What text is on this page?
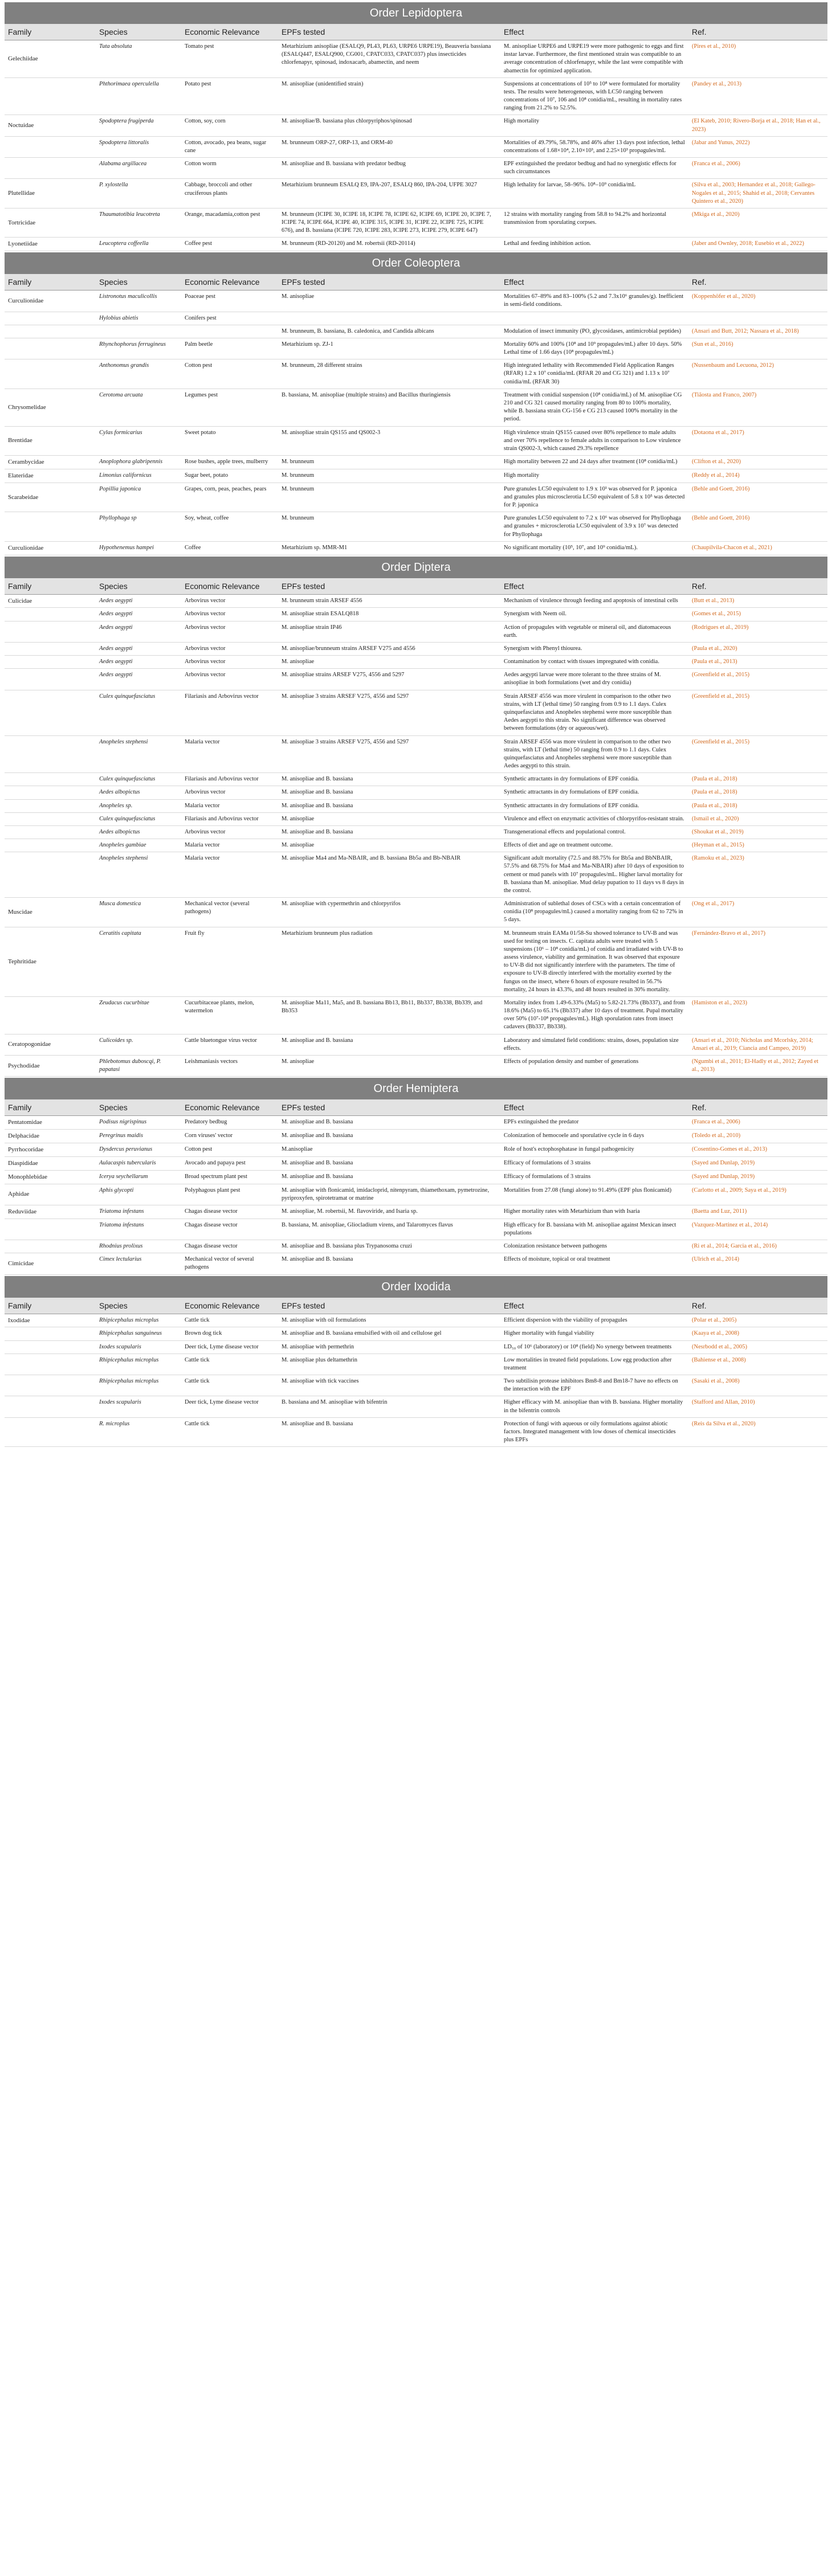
Order Lepidoptera
Family	Species	Economic Relevance	EPFs tested	Effect	Ref.
Gelechiidae	Tuta absoluta	Tomato pest	Metarhizium anisopliae (ESALQ9, PL43, PL63, URPE6 URPE19), Beauveria bassiana (ESALQ447, ESALQ900, CG001, CPATC033, CPATC037) plus insecticides chlorfenapyr, spinosad, indoxacarb, abamectin, and neem	M. anisopliae URPE6 and URPE19 were more pathogenic to eggs and first instar larvae. Furthermore, the first mentioned strain was compatible to an average concentration of chlorfenapyr, while the last were compatible with abamectin for optimized application.	(Pires et al., 2010)
	Phthorimaea operculella	Potato pest	M. anisopliae (unidentified strain)	Suspensions at concentrations of 10⁵ to 10⁸ were formulated for mortality tests. The results were heterogeneous, with LC50 ranging between concentrations of 10⁷, 106 and 10⁸ conidia/mL, resulting in mortality rates ranging from 21.2% to 52.5%.	(Pandey et al., 2013)
Noctuidae	Spodoptera frugiperda	Cotton, soy, corn	M. anisopliae/B. bassiana plus chlorpyriphos/spinosad	High mortality	(El Kateb, 2010; Rivero-Borja et al., 2018; Han et al., 2023)
	Spodoptera littoralis	Cotton, avocado, pea beans, sugar cane	M. brunneum ORP-27, ORP-13, and ORM-40	Mortalities of 49.79%, 58.78%, and 46% after 13 days post infection, lethal concentrations of 1.68×10⁴, 2.10×10³, and 2.25×10³ propagules/mL	(Jabar and Yunus, 2022)
	Alabama argillacea	Cotton worm	M. anisopliae and B. bassiana with predator bedbug	EPF extinguished the predator bedbug and had no synergistic effects for such circumstances	(Franca et al., 2006)
Plutellidae	P. xylostella	Cabbage, broccoli and other cruciferous plants	Metarhizium brunneum ESALQ E9, IPA-207, ESALQ 860, IPA-204, UFPE 3027	High lethality for larvae, 58–96%. 10⁸–10⁹ conidia/mL	(Silva et al., 2003; Hernandez et al., 2018; Gallego-Nogales et al., 2015; Shahid et al., 2018; Cervantes Quintero et al., 2020)
Tortricidae	Thaumatotibia leucotreta	Orange, macadamia,cotton pest	M. brunneum (ICIPE 30, ICIPE 18, ICIPE 78, ICIPE 62, ICIPE 69, ICIPE 20, ICIPE 7, ICIPE 74, ICIPE 664, ICIPE 40, ICIPE 315, ICIPE 31, ICIPE 22, ICIPE 725, ICIPE 676), and B. bassiana (ICIPE 720, ICIPE 283, ICIPE 273, ICIPE 279, ICIPE 647)	12 strains with mortality ranging from 58.8 to 94.2% and horizontal transmission from sporulating corpses.	(Mkiga et al., 2020)
Lyonetiidae	Leucoptera coffeella	Coffee pest	M. brunneum (RD-20120) and M. robertsii (RD-20114)	Lethal and feeding inhibition action.	(Jaber and Ownley, 2018; Eusebio et al., 2022)
Order Coleoptera
Family	Species	Economic Relevance	EPFs tested	Effect	Ref.
Curculionidae	Listronotus maculicollis	Poaceae pest	M. anisopliae	Mortalities 67–89% and 83–100% (5.2 and 7.3x10⁶ granules/g). Inefficient in semi-field conditions.	(Koppenhöfer et al., 2020)
	Hylobius abietis	Conifers pest			
			M. brunneum, B. bassiana, B. caledonica, and Candida albicans	Modulation of insect immunity (PO, glycosidases, antimicrobial peptides)	(Ansari and Butt, 2012; Nassara et al., 2018)
	Rhynchophorus ferrugineus	Palm beetle	Metarhizium sp. ZJ-1	Mortality 60% and 100% (10⁸ and 10⁹ propagules/mL) after 10 days. 50% Lethal time of 1.66 days (10⁸ propagules/mL)	(Sun et al., 2016)
	Anthonomus grandis	Cotton pest	M. brunneum, 28 different strains	High integrated lethality with Recommended Field Application Ranges (RFAR) 1.2 x 10⁷ conidia/mL (RFAR 20 and CG 321) and 1.13 x 10⁷ conidia/mL (RFAR 30)	(Nussenbaum and Lecuona, 2012)
Chrysomelidae	Cerotoma arcuata	Legumes pest	B. bassiana, M. anisopliae (multiple strains) and Bacillus thuringiensis	Treatment with conidial suspension (10⁸ conidia/mL) of M. anisopliae CG 210 and CG 321 caused mortality ranging from 80 to 100% mortality, while B. bassiana strain CG-156 e CG 213 caused 100% mortality in the period.	(Tiãosta and Franco, 2007)
Brentidae	Cylas formicarius	Sweet potato	M. anisopliae strain QS155 and QS002-3	High virulence strain QS155 caused over 80% repellence to male adults and over 70% repellence to female adults in comparison to Low virulence strain QS002-3, which caused 29.3% repellence	(Dotaona et al., 2017)
Cerambycidae	Anoplophora glabripennis	Rose bushes, apple trees, mulberry	M. brunneum	High mortality between 22 and 24 days after treatment (10⁸ conidia/mL)	(Clifton et al., 2020)
Elateridae	Limonius californicus	Sugar beet, potato	M. brunneum	High mortality	(Reddy et al., 2014)
Scarabeidae	Popillia japonica	Grapes, corn, peas, peaches, pears	M. brunneum	Pure granules LC50 equivalent to 1.9 x 10¹ was observed for P. japonica and granules plus microsclerotia LC50 equivalent of 5.8 x 10⁵ was detected for P. japonica	(Behle and Goett, 2016)
	Phyllophaga sp	Soy, wheat, coffee	M. brunneum	Pure granules LC50 equivalent to 7.2 x 10⁶ was observed for Phyllophaga and granules + microsclerotia LC50 equivalent of 3.9 x 10⁷ was detected for Phyllophaga	(Behle and Goett, 2016)
Curculionidae	Hypothenemus hampei	Coffee	Metarhizium sp. MMR-M1	No significant mortality (10⁵, 10⁷, and 10⁹ conidia/mL).	(Chaupilvila-Chacon et al., 2021)
Order Diptera
Family	Species	Economic Relevance	EPFs tested	Effect	Ref.
Culicidae	Aedes aegypti	Arbovirus vector	M. brunneum strain ARSEF 4556	Mechanism of virulence through feeding and apoptosis of intestinal cells	(Butt et al., 2013)
	Aedes aegypti	Arbovirus vector	M. anisopliae strain ESALQ818	Synergism with Neem oil.	(Gomes et al., 2015)
	Aedes aegypti	Arbovirus vector	M. anisopliae strain IP46	Action of propagules with vegetable or mineral oil, and diatomaceous earth.	(Rodrigues et al., 2019)
	Aedes aegypti	Arbovirus vector	M. anisopliae/brunneum strains ARSEF V275 and 4556	Synergism with Phenyl thiourea.	(Paula et al., 2020)
	Aedes aegypti	Arbovirus vector	M. anisopliae	Contamination by contact with tissues impregnated with conidia.	(Paula et al., 2013)
	Aedes aegypti	Arbovirus vector	M. anisopliae strains ARSEF V275, 4556 and 5297	Aedes aegypti larvae were more tolerant to the three strains of M. anisopliae in both formulations (wet and dry conidia)	(Greenfield et al., 2015)
	Culex quinquefasciatus	Filariasis and Arbovirus vector	M. anisopliae 3 strains ARSEF V275, 4556 and 5297	Strain ARSEF 4556 was more virulent in comparison to the other two strains, with LT (lethal time) 50 ranging from 0.9 to 1.1 days. Culex quinquefasciatus and Anopheles stephensi were more susceptible than Aedes aegypti to this strain. No significant difference was observed between formulations (dry or aqueous/wet).	(Greenfield et al., 2015)
	Anopheles stephensi	Malaria vector	M. anisopliae 3 strains ARSEF V275, 4556 and 5297	Strain ARSEF 4556 was more virulent in comparison to the other two strains, with LT (lethal time) 50 ranging from 0.9 to 1.1 days. Culex quinquefasciatus and Anopheles stephensi were more susceptible than Aedes aegypti to this strain.	(Greenfield et al., 2015)
	Culex quinquefasciatus	Filariasis and Arbovirus vector	M. anisopliae and B. bassiana	Synthetic attractants in dry formulations of EPF conidia.	(Paula et al., 2018)
	Aedes albopictus	Arbovirus vector	M. anisopliae and B. bassiana	Synthetic attractants in dry formulations of EPF conidia.	(Paula et al., 2018)
	Anopheles sp.	Malaria vector	M. anisopliae and B. bassiana	Synthetic attractants in dry formulations of EPF conidia.	(Paula et al., 2018)
	Culex quinquefasciatus	Filariasis and Arbovirus vector	M. anisopliae	Virulence and effect on enzymatic activities of chlorpyrifos-resistant strain.	(Ismail et al., 2020)
	Aedes albopictus	Arbovirus vector	M. anisopliae and B. bassiana	Transgenerational effects and populational control.	(Shoukat et al., 2019)
	Anopheles gambiae	Malaria vector	M. anisopliae	Effects of diet and age on treatment outcome.	(Heyman et al., 2015)
	Anopheles stephensi	Malaria vector	M. anisopliae Ma4 and Ma-NBAIR, and B. bassiana Bb5a and Bb-NBAIR	Significant adult mortality (72.5 and 88.75% for Bb5a and BbNBAIR, 57.5% and 68.75% for Ma4 and Ma-NBAIR) after 10 days of exposition to cement or mud panels with 10⁷ propagules/mL. Higher larval mortality for B. bassiana than M. anisopliae. Mud delay pupation to 11 days vs 8 days in the control.	(Ramoku et al., 2023)
Muscidae	Musca domestica	Mechanical vector (several pathogens)	M. anisopliae with cypermethrin and chlorpyrifos	Administration of sublethal doses of CSCs with a certain concentration of conidia (10⁸ propagules/mL) caused a mortality ranging from 62 to 72% in 5 days.	(Ong et al., 2017)
Tephritidae	Ceratitis capitata	Fruit fly	Metarhizium brunneum plus radiation	M. brunneum strain EAMa 01/58-Su showed tolerance to UV-B and was used for testing on insects. C. capitata adults were treated with 5 suspensions (10⁶ – 10⁸ conidia/mL) of conidia and irradiated with UV-B to assess virulence, viability and germination. It was observed that exposure to UV-B did not significantly interfere with the parameters. The time of exposure to UV-B directly interfered with the mortality exerted by the fungus on the insect, where 6 hours of exposure resulted in 56.7% mortality, 24 hours in 43.3%, and 48 hours resulted in 30% mortality.	(Fernández-Bravo et al., 2017)
	Zeudacus cucurbitae	Cucurbitaceae plants, melon, watermelon	M. anisopliae Ma11, Ma5, and B. bassiana Bb13, Bb11, Bb337, Bb338, Bb339, and Bb353	Mortality index from 1.49-6.33% (Ma5) to 5.82-21.73% (Bb337), and from 18.6% (Ma5) to 65.1% (Bb337) after 10 days of treatment. Pupal mortality over 50% (10⁷-10⁸ propagules/mL). High sporulation rates from insect cadavers (Bb337, Bb338).	(Hamiston et al., 2023)
Ceratopogonidae	Culicoides sp.	Cattle bluetongue virus vector	M. anisopliae and B. bassiana	Laboratory and simulated field conditions: strains, doses, population size effects.	(Ansari et al., 2010; Nicholas and Mcorlsky, 2014; Ansari et al., 2019; Ciancia and Campeo, 2019)
Psychodidae	Phlebotomus duboscqi, P. papatasi	Leishmaniasis vectors	M. anisopliae	Effects of population density and number of generations	(Ngumbi et al., 2011; El-Hadly et al., 2012; Zayed et al., 2013)
Order Hemiptera
Family	Species	Economic Relevance	EPFs tested	Effect	Ref.
Pentatomidae	Podisus nigrispinus	Predatory bedbug	M. anisopliae and B. bassiana	EPFs extinguished the predator	(Franca et al., 2006)
Delphacidae	Peregrinus maidis	Corn viruses' vector	M. anisopliae and B. bassiana	Colonization of hemocoele and sporulative cycle in 6 days	(Toledo et al., 2010)
Pyrrhocoridae	Dysdercus peruvianus	Cotton pest	M.anisopliae	Role of host's ectophosphatase in fungal pathogenicity	(Cosentino-Gomes et al., 2013)
Diaspididae	Aulacaspis tubercularis	Avocado and papaya pest	M. anisopliae and B. bassiana	Efficacy of formulations of 3 strains	(Sayed and Dunlap, 2019)
Monophlebidae	Icerya seychellarum	Broad spectrum plant pest	M. anisopliae and B. bassiana	Efficacy of formulations of 3 strains	(Sayed and Dunlap, 2019)
Aphidae	Aphis glycopti	Polyphagous plant pest	M. anisopliae with flonicamid, imidacloprid, nitenpyram, thiamethoxam, pymetrozine, pyriproxyfen, spirotetramat or matrine	Mortalities from 27.08 (fungi alone) to 91.49% (EPF plus flonicamid)	(Carlotto et al., 2009; Saya et al., 2019)
Reduviidae	Triatoma infestans	Chagas disease vector	M. anisopliae, M. robertsii, M. flavoviride, and Isaria sp.	Higher mortality rates with Metarhizium than with Isaria	(Baetta and Luz, 2011)
	Triatoma infestans	Chagas disease vector	B. bassiana, M. anisopliae, Gliocladium virens, and Talaromyces flavus	High efficacy for B. bassiana with M. anisopliae against Mexican insect populations	(Vazquez-Martinez et al., 2014)
	Rhodnius prolixus	Chagas disease vector	M. anisopliae and B. bassiana plus Trypanosoma cruzi	Colonization resistance between pathogens	(Ri et al., 2014; Garcia et al., 2016)
Cimicidae	Cimex lectularius	Mechanical vector of several pathogens	M. anisopliae and B. bassiana	Effects of moisture, topical or oral treatment	(Ulrich et al., 2014)
Order Ixodida
Family	Species	Economic Relevance	EPFs tested	Effect	Ref.
Ixodidae	Rhipicephalus microplus	Cattle tick	M. anisopliae with oil formulations	Efficient dispersion with the viability of propagules	(Polar et al., 2005)
	Rhipicephalus sanguineus	Brown dog tick	M. anisopliae and B. bassiana emulsified with oil and cellulose gel	Higher mortality with fungal viability	(Kaaya et al., 2008)
	Ixodes scapularis	Deer tick, Lyme disease vector	M. anisopliae with permethrin	LD₅₀ of 10⁶ (laboratory) or 10⁸ (field) No synergy between treatments	(Nesrbodd et al., 2005)
	Rhipicephalus microplus	Cattle tick	M. anisopliae plus deltamethrin	Low mortalities in treated field populations. Low egg production after treatment	(Bahiense et al., 2008)
	Rhipicephalus microplus	Cattle tick	M. anisopliae with tick vaccines	Two subtilisin protease inhibitors Bm8-8 and Bm18-7 have no effects on the interaction with the EPF	(Sasaki et al., 2008)
	Ixodes scapularis	Deer tick, Lyme disease vector	B. bassiana and M. anisopliae with bifentrin	Higher efficacy with M. anisopliae than with B. bassiana. Higher mortality in the bifentrin controls	(Stafford and Allan, 2010)
	R. microplus	Cattle tick	M. anisopliae and B. bassiana	Protection of fungi with aqueous or oily formulations against abiotic factors. Integrated management with low doses of chemical insecticides plus EPFs	(Reis da Silva et al., 2020)
